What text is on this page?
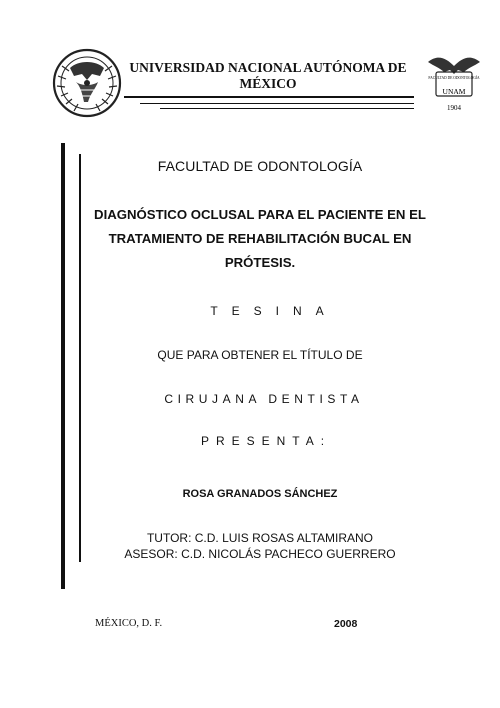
FACULTAD DE ODONTOLOGÍA
UNAM
1904
UNIVERSIDAD NACIONAL AUTÓNOMA DE
MÉXICO
FACULTAD DE ODONTOLOGÍA
DIAGNÓSTICO OCLUSAL PARA EL PACIENTE EN EL TRATAMIENTO DE REHABILITACIÓN BUCAL EN PRÓTESIS.
TESINA
QUE PARA OBTENER EL TÍTULO DE
CIRUJANA DENTISTA
PRESENTA:
ROSA GRANADOS SÁNCHEZ
TUTOR: C.D. LUIS ROSAS ALTAMIRANO
ASESOR: C.D. NICOLÁS PACHECO GUERRERO
MÉXICO, D. F.	2008
